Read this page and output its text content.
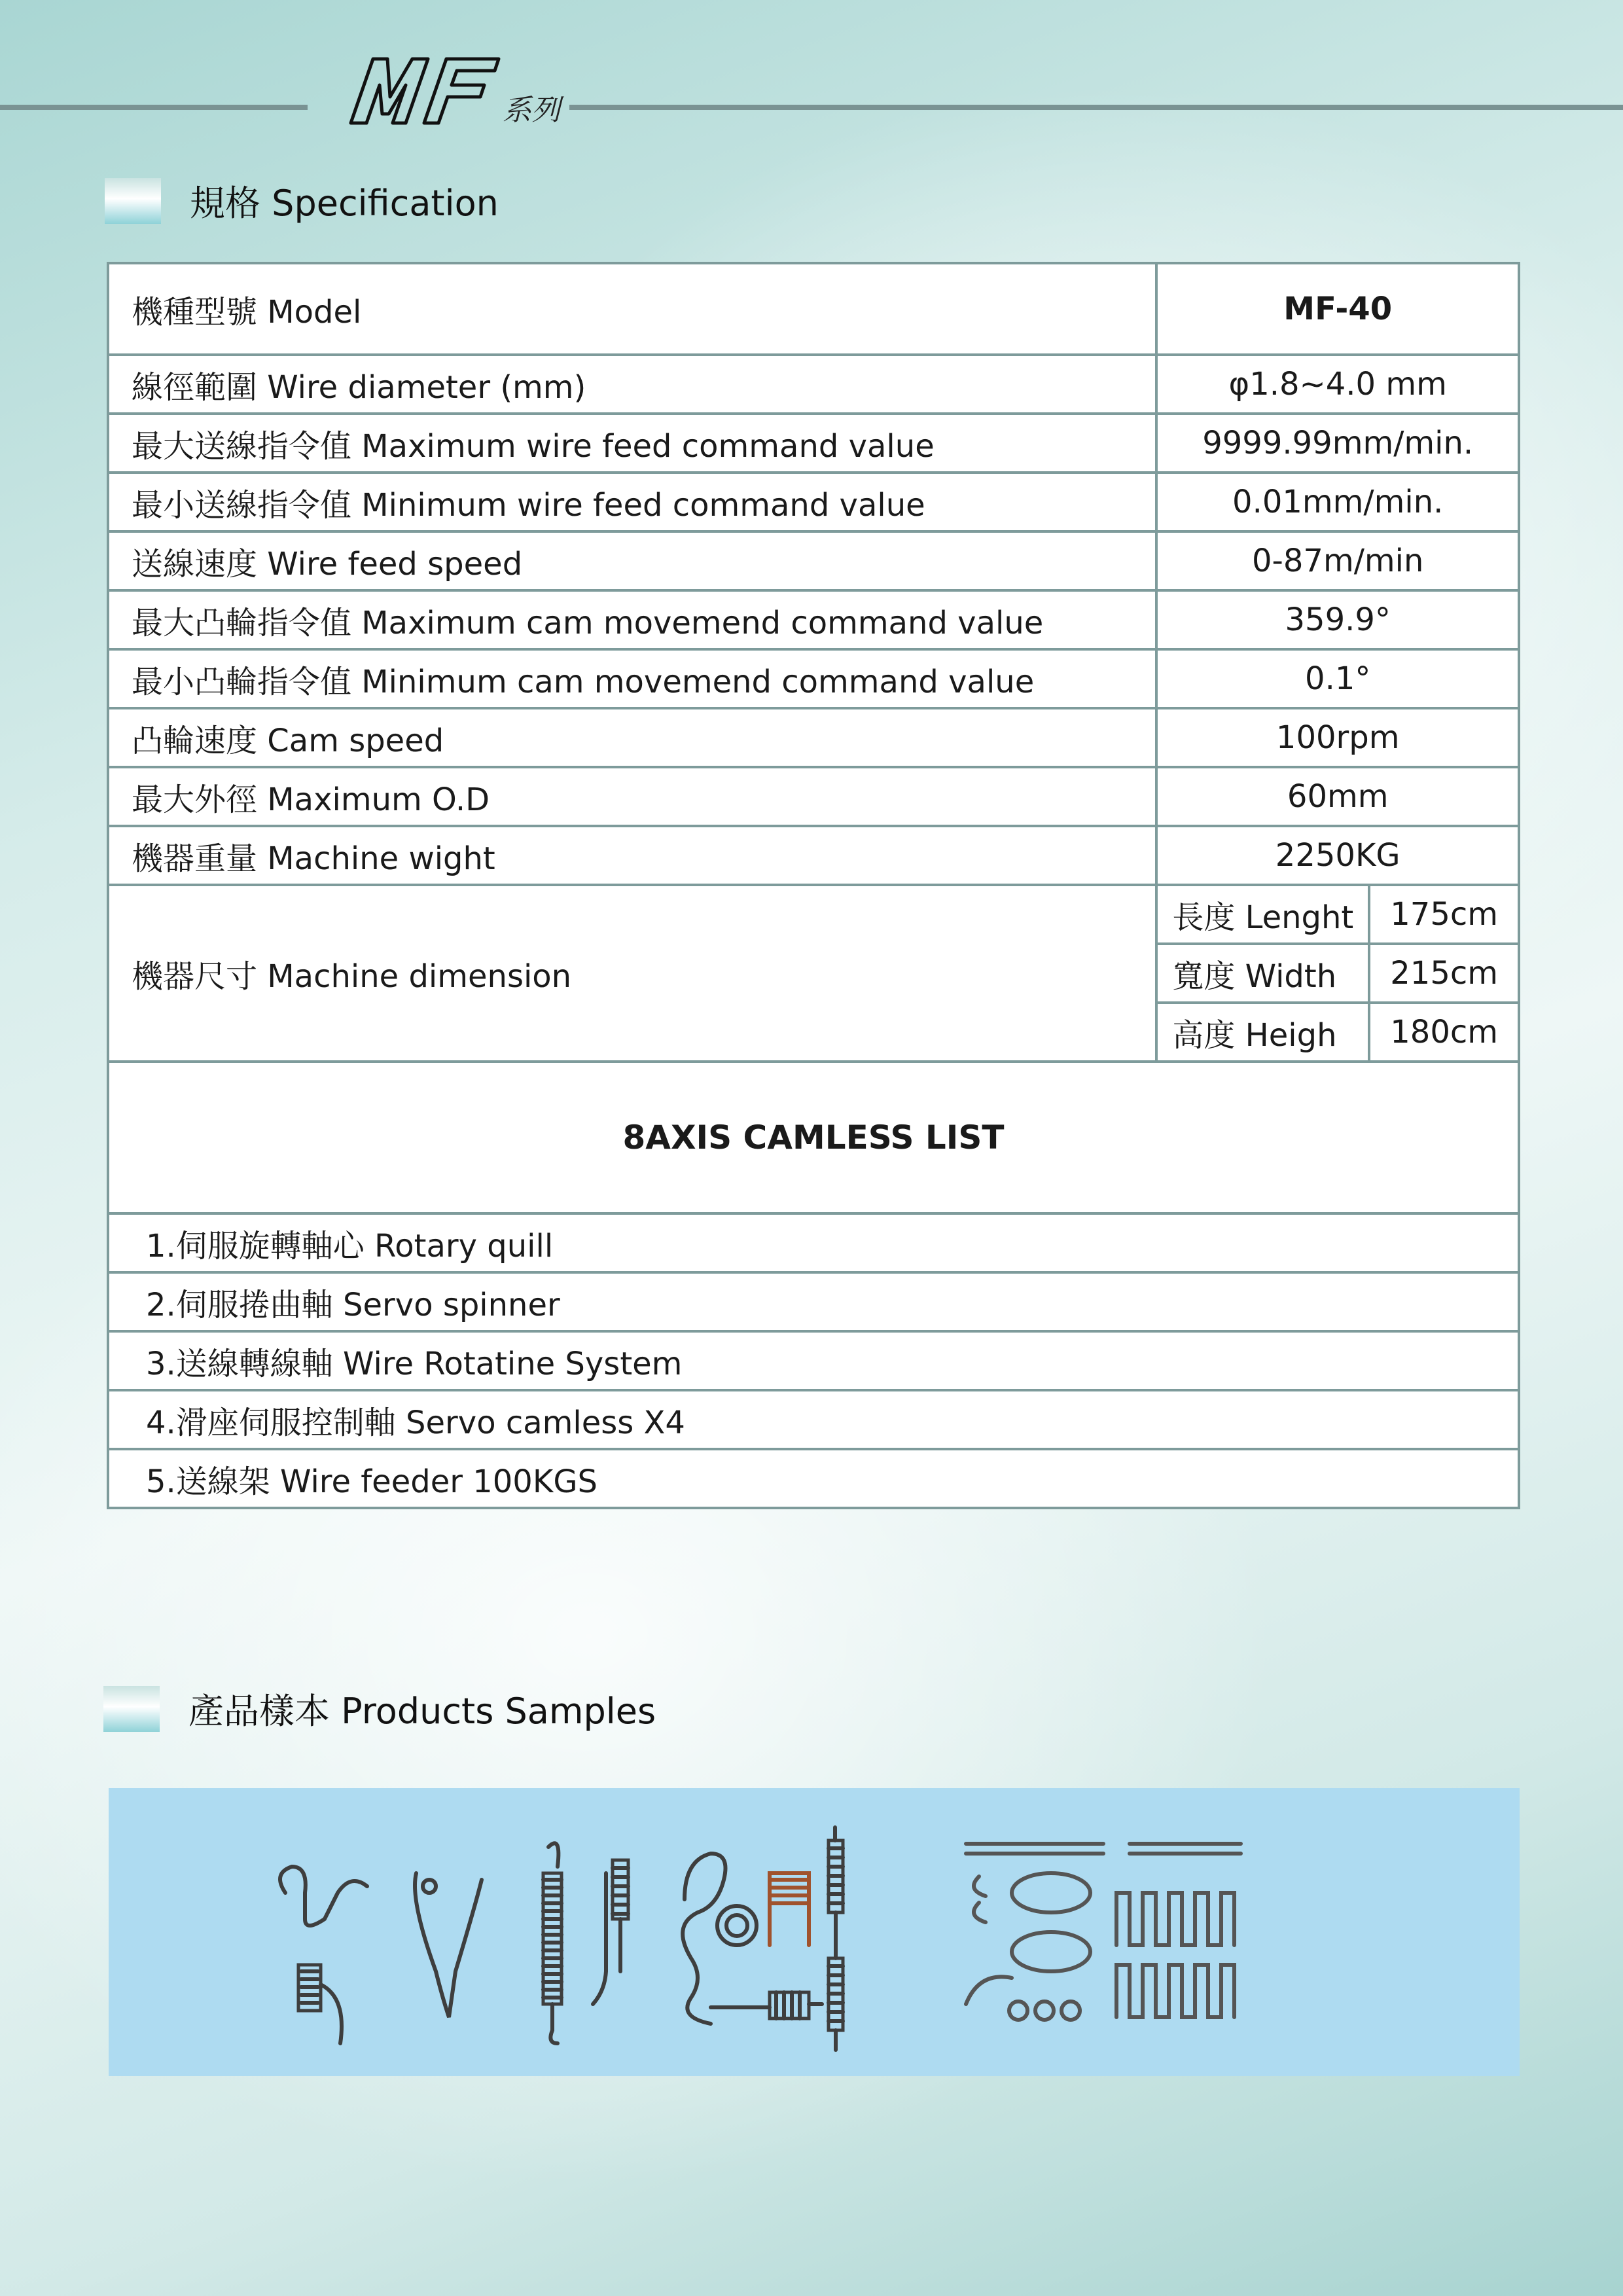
系列
規格 Specification
機種型號 Model	MF-40	
線徑範圍 Wire diameter (mm)	φ1.8~4.0 mm	
最大送線指令值 Maximum wire feed command value	9999.99mm/min.	
最小送線指令值 Minimum wire feed command value	0.01mm/min.	
送線速度 Wire feed speed	0-87m/min	
最大凸輪指令值 Maximum cam movemend command value	359.9°	
最小凸輪指令值 Minimum cam movemend command value	0.1°	
凸輪速度 Cam speed	100rpm	
最大外徑 Maximum O.D	60mm	
機器重量 Machine wight	2250KG	
機器尺寸 Machine dimension	長度 Lenght	175cm
	寬度 Width	215cm
	高度 Heigh	180cm
8AXIS CAMLESS LIST		
1.伺服旋轉軸心 Rotary quill		
2.伺服捲曲軸 Servo spinner		
3.送線轉線軸 Wire Rotatine System		
4.滑座伺服控制軸 Servo camless X4		
5.送線架 Wire feeder 100KGS		
產品樣本 Products Samples
